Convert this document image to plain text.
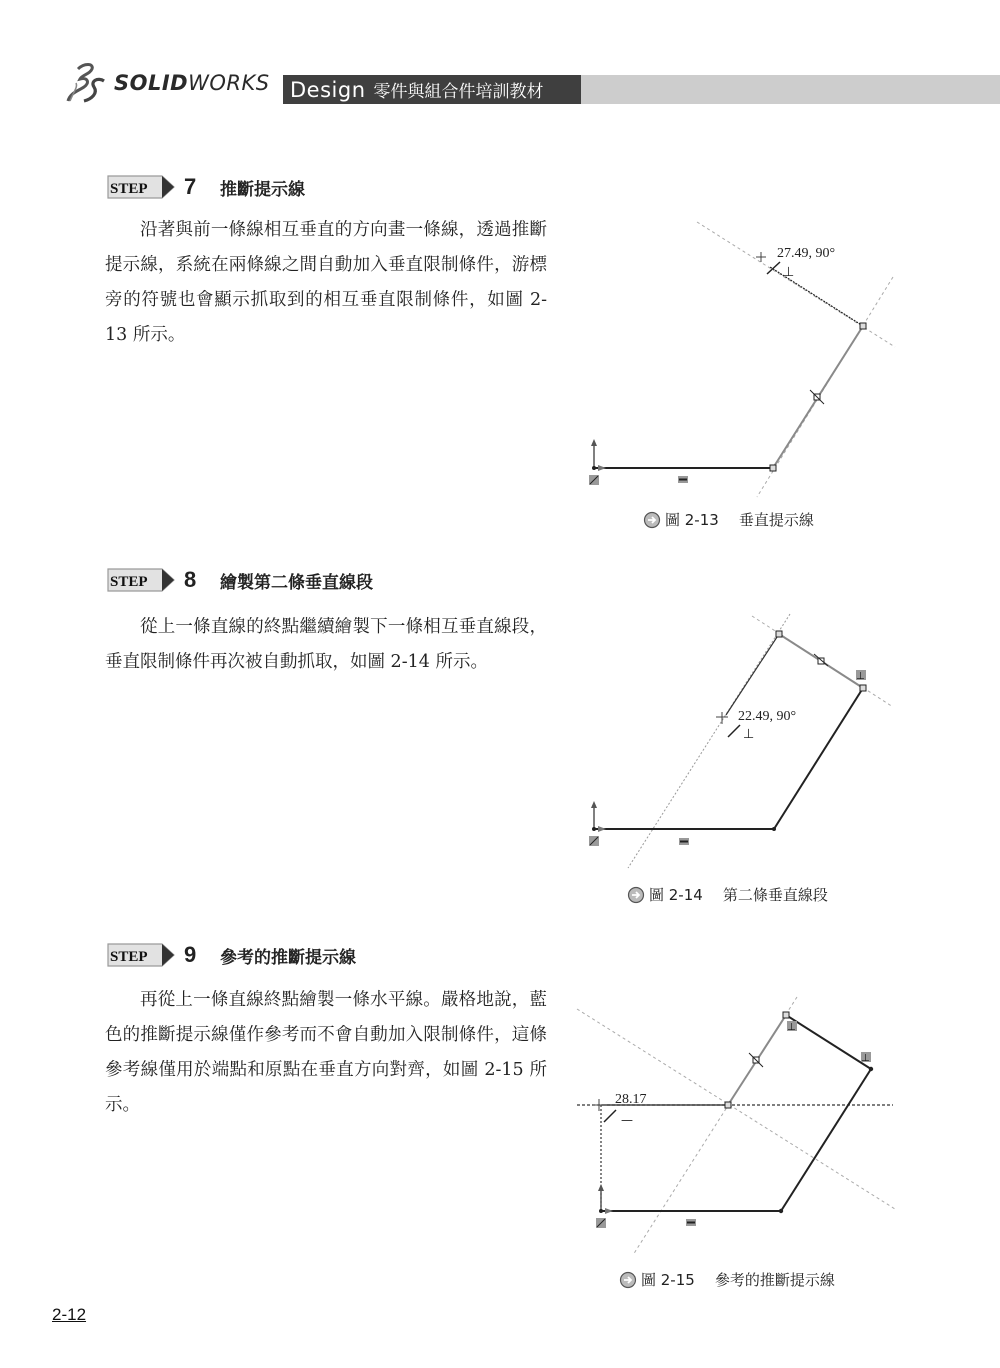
SOLIDWORKS Design 零件與組合件培訓教材
STEP 7	推斷提示線

沿著與前一條線相互垂直的方向畫一條線，透過推斷提示線，系統在兩條線之間自動加入垂直限制條件，游標旁的符號也會顯示抓取到的相互垂直限制條件，如圖 2-13 所示。

27.49, 90°
⊥
圖 2-13 垂直提示線
STEP 8	繪製第二條垂直線段

從上一條直線的終點繼續繪製下一條相互垂直線段，垂直限制條件再次被自動抓取，如圖 2-14 所示。

⊥
22.49, 90°
⊥
圖 2-14 第二條垂直線段
STEP 9	參考的推斷提示線

再從上一條直線終點繪製一條水平線。嚴格地說，藍色的推斷提示線僅作參考而不會自動加入限制條件，這條參考線僅用於端點和原點在垂直方向對齊，如圖 2-15 所示。

⊥
⊥
28.17
—
圖 2-15 參考的推斷提示線
2-12
